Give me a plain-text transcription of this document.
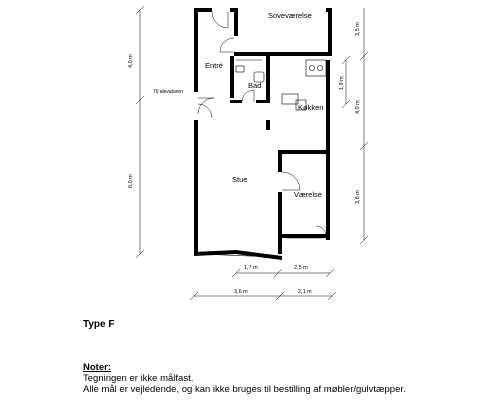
Soveværelse
Entré
Bad
Køkken
Stue
Værelse
Til elevatoren
4,0 m
6,0 m
3,5 m
1,9 m
4,0 m
3,8 m
1,7 m	2,5 m
3,6 m	2,1 m

Type F

Noter:
Tegningen er ikke målfast.
Alle mål er vejledende, og kan ikke bruges til bestilling af møbler/gulvtæpper.
